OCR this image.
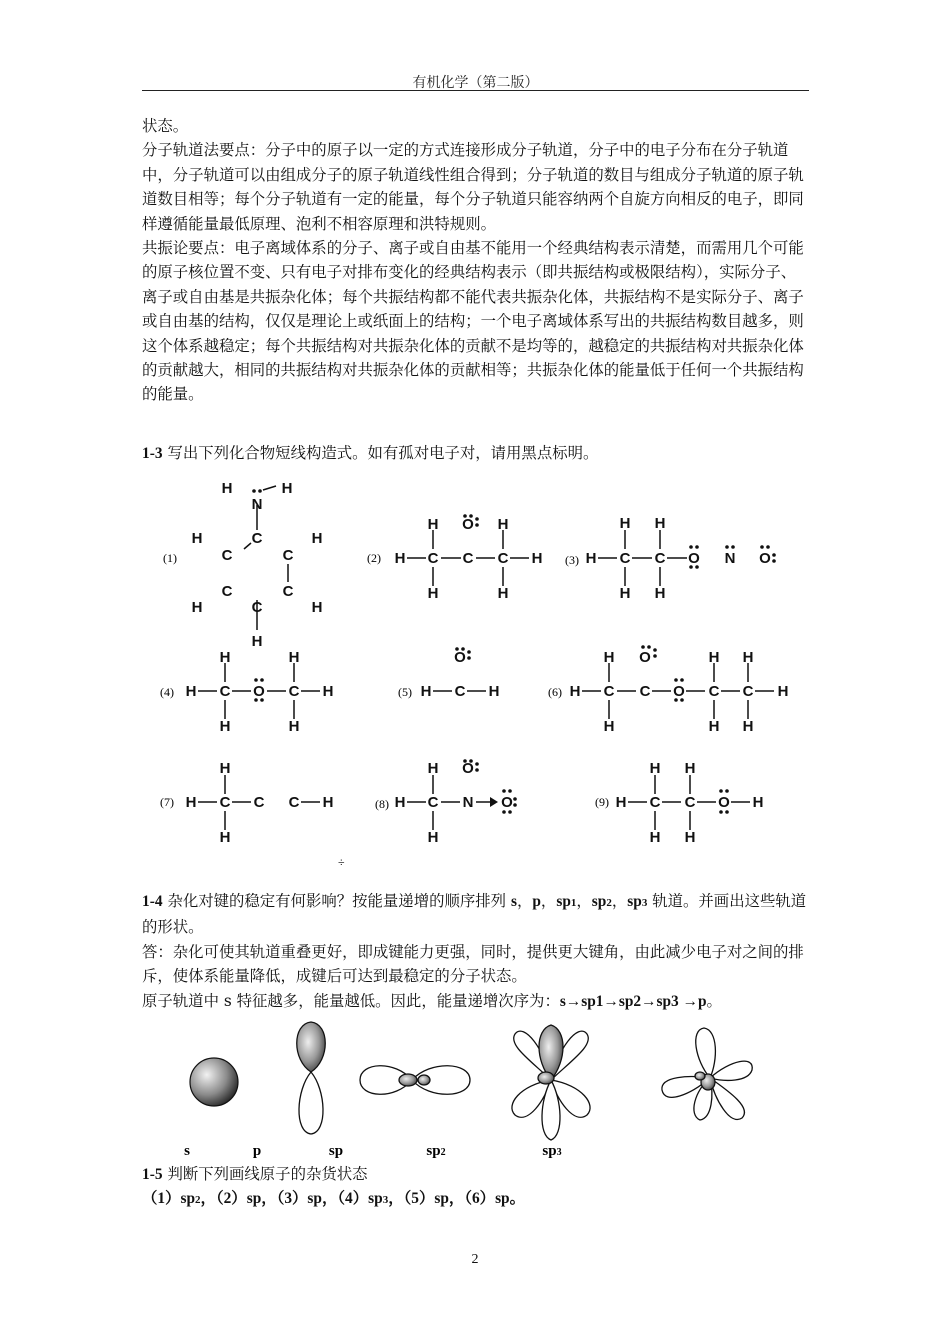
有机化学（第二版）

状态。

分子轨道法要点：分子中的原子以一定的方式连接形成分子轨道，分子中的电子分布在分子轨道中，分子轨道可以由组成分子的原子轨道线性组合得到；分子轨道的数目与组成分子轨道的原子轨道数目相等；每个分子轨道有一定的能量，每个分子轨道只能容纳两个自旋方向相反的电子，即同样遵循能量最低原理、泡利不相容原理和洪特规则。

共振论要点：电子离域体系的分子、离子或自由基不能用一个经典结构表示清楚，而需用几个可能的原子核位置不变、只有电子对排布变化的经典结构表示（即共振结构或极限结构），实际分子、离子或自由基是共振杂化体；每个共振结构都不能代表共振杂化体，共振结构不是实际分子、离子或自由基的结构，仅仅是理论上或纸面上的结构；一个电子离域体系写出的共振结构数目越多，则这个体系越稳定；每个共振结构对共振杂化体的贡献不是均等的，越稳定的共振结构对共振杂化体的贡献越大，相同的共振结构对共振杂化体的贡献相等；共振杂化体的能量低于任何一个共振结构的能量。

1-3 写出下列化合物短线构造式。如有孤对电子对，请用黑点标明。

(1)	(2)	(3)
(4)	(5)	(6)
(7)	(8)	(9)
H	H
N
H	C	H
C	C
C	C
H	C	H
H
H O H
H C C C H
H	H
H H
H C C O N O
H H
H	H
H C O C H
H	H
O
H C H
H O	H H
H C C O C C H
H	H H
H
H C C C H
H
H O
H C N O
H
H H
H C C O H
H H
÷
s	p	sp	sp2	sp3

1-4 杂化对键的稳定有何影响？按能量递增的顺序排列 s，p，sp1，sp2，sp3 轨道。并画出这些轨道的形状。

答：杂化可使其轨道重叠更好，即成键能力更强，同时，提供更大键角，由此减少电子对之间的排斥，使体系能量降低，成键后可达到最稳定的分子状态。

原子轨道中 s 特征越多，能量越低。因此，能量递增次序为：s→sp1→sp2→sp3 →p。

1-5 判断下列画线原子的杂货状态

（1）sp2，（2）sp，（3）sp，（4）sp3，（5）sp，（6）sp。

2
